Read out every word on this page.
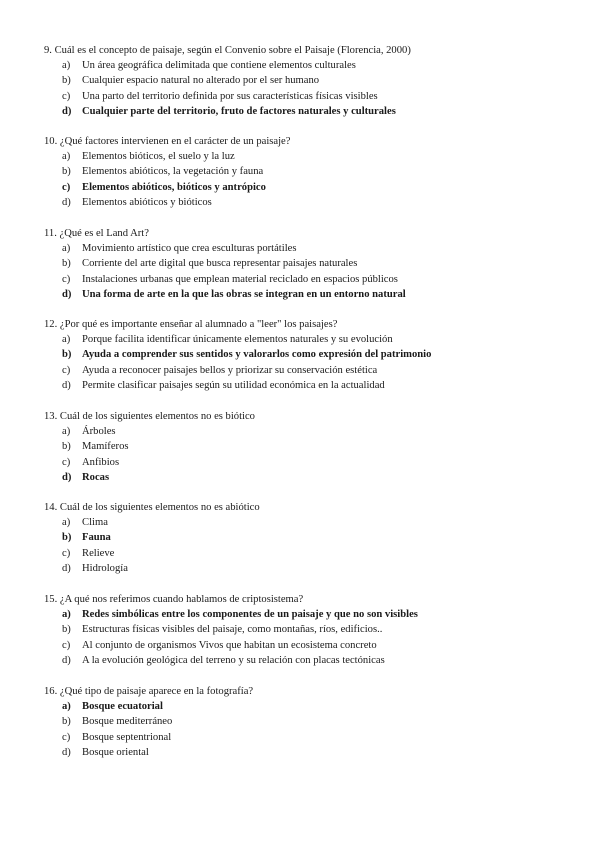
9. Cuál es el concepto de paisaje, según el Convenio sobre el Paisaje (Florencia, 2000)
a)	Un área geográfica delimitada que contiene elementos culturales
b)	Cualquier espacio natural no alterado por el ser humano
c)	Una parto del territorio definida por sus características físicas visibles
d) Cualquier parte del territorio, fruto de factores naturales y culturales
10. ¿Qué factores intervienen en el carácter de un paisaje?
a)	Elementos bióticos, el suelo y la luz
b)	Elementos abióticos, la vegetación y fauna
c)	Elementos abióticos, bióticos y antrópico
d)	Elementos abióticos y bióticos
11. ¿Qué es el Land Art?
a)	Movimiento artístico que crea esculturas portátiles
b)	Corriente del arte digital que busca representar paisajes naturales
c)	Instalaciones urbanas que emplean material reciclado en espacios públicos
d) Una forma de arte en la que las obras se integran en un entorno natural
12. ¿Por qué es importante enseñar al alumnado a "leer" los paisajes?
a)	Porque facilita identificar únicamente elementos naturales y su evolución
b) Ayuda a comprender sus sentidos y valorarlos como expresión del patrimonio
c)	Ayuda a reconocer paisajes bellos y priorizar su conservación estética
d)	Permite clasificar paisajes según su utilidad económica en la actualidad
13. Cuál de los siguientes elementos no es biótico
a)	Árboles
b)	Mamíferos
c)	Anfibios
d) Rocas
14. Cuál de los siguientes elementos no es abiótico
a)	Clima
b) Fauna
c)	Relieve
d)	Hidrología
15. ¿A qué nos referimos cuando hablamos de criptosistema?
a)	Redes simbólicas entre los componentes de un paisaje y que no son visibles
b)	Estructuras físicas visibles del paisaje, como montañas, ríos, edificios..
c)	Al conjunto de organismos Vivos que habitan un ecosistema concreto
d)	A la evolución geológica del terreno y su relación con placas tectónicas
16. ¿Qué tipo de paisaje aparece en la fotografía?
a)	Bosque ecuatorial
b)	Bosque mediterráneo
c)	Bosque septentrional
d)	Bosque oriental
